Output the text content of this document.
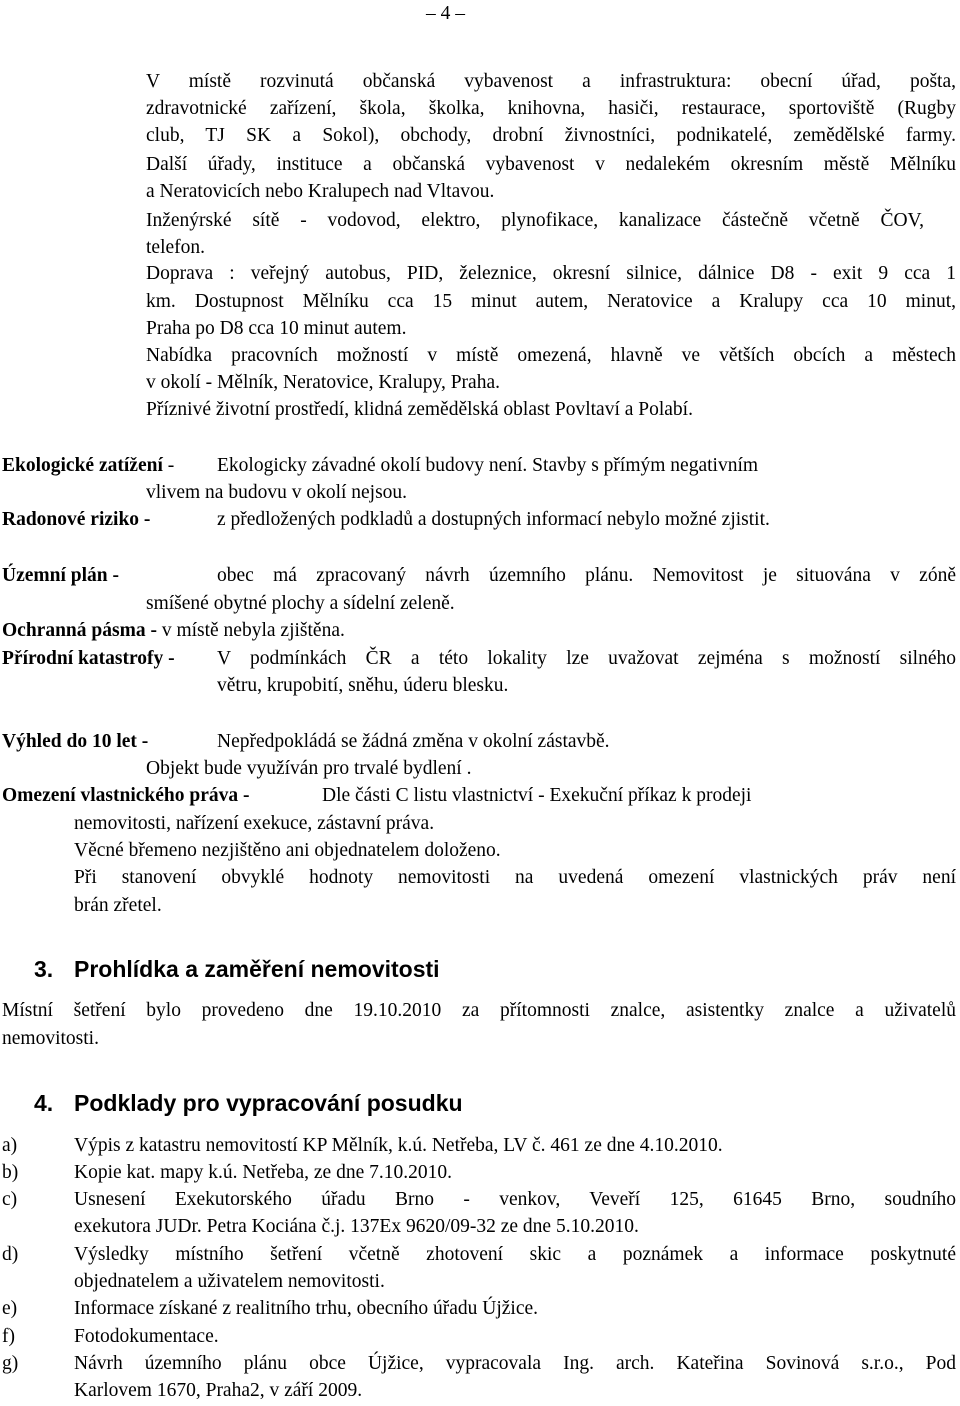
– 4 –
V místě rozvinutá občanská vybavenost a infrastruktura: obecní úřad, pošta,
zdravotnické zařízení, škola, školka, knihovna, hasiči, restaurace, sportoviště (Rugby
club, TJ SK a Sokol), obchody, drobní živnostníci, podnikatelé, zemědělské farmy.
Další úřady, instituce a občanská vybavenost v nedalekém okresním městě Mělníku
a Neratovicích nebo Kralupech nad Vltavou.
Inženýrské sítě - vodovod, elektro, plynofikace, kanalizace částečně včetně ČOV,
telefon.
Doprava : veřejný autobus, PID, železnice, okresní silnice, dálnice D8 - exit 9 cca 1
km. Dostupnost Mělníku cca 15 minut autem, Neratovice a Kralupy cca 10 minut,
Praha po D8 cca 10 minut autem.
Nabídka pracovních možností v místě omezená, hlavně ve větších obcích a městech
v okolí - Mělník, Neratovice, Kralupy, Praha.
Příznivé životní prostředí, klidná zemědělská oblast Povltaví a Polabí.
Ekologické zatížení - Ekologicky závadné okolí budovy není. Stavby s přímým negativním
vlivem na budovu v okolí nejsou.
Radonové riziko -	z předložených podkladů a dostupných informací nebylo možné zjistit.
Územní plán -	obec má zpracovaný návrh územního plánu. Nemovitost je situována v zóně
smíšené obytné plochy a sídelní zeleně.
Ochranná pásma - v místě nebyla zjištěna.
Přírodní katastrofy - V podmínkách ČR a této lokality lze uvažovat zejména s možností silného
větru, krupobití, sněhu, úderu blesku.
Výhled do 10 let -	Nepředpokládá se žádná změna v okolní zástavbě.
Objekt bude využíván pro trvalé bydlení .
Omezení vlastnického práva -	Dle části C listu vlastnictví - Exekuční příkaz k prodeji
nemovitosti, nařízení exekuce, zástavní práva.
Věcné břemeno nezjištěno ani objednatelem doloženo.
Při stanovení obvyklé hodnoty nemovitosti na uvedená omezení vlastnických práv není
brán zřetel.
3. Prohlídka a zaměření nemovitosti
Místní šetření bylo provedeno dne 19.10.2010 za přítomnosti znalce, asistentky znalce a uživatelů
nemovitosti.
4. Podklady pro vypracování posudku
a)	Výpis z katastru nemovitostí KP Mělník, k.ú. Netřeba, LV č. 461 ze dne 4.10.2010.
b)	Kopie kat. mapy k.ú. Netřeba, ze dne 7.10.2010.
c)	Usnesení Exekutorského úřadu Brno - venkov, Veveří 125, 61645 Brno, soudního
exekutora JUDr. Petra Kociána č.j. 137Ex 9620/09-32 ze dne 5.10.2010.
d)	Výsledky místního šetření včetně zhotovení skic a poznámek a informace poskytnuté
objednatelem a uživatelem nemovitosti.
e)	Informace získané z realitního trhu, obecního úřadu Újžice.
f)	Fotodokumentace.
g)	Návrh územního plánu obce Újžice, vypracovala Ing. arch. Kateřina Sovinová s.r.o., Pod
Karlovem 1670, Praha2, v září 2009.
